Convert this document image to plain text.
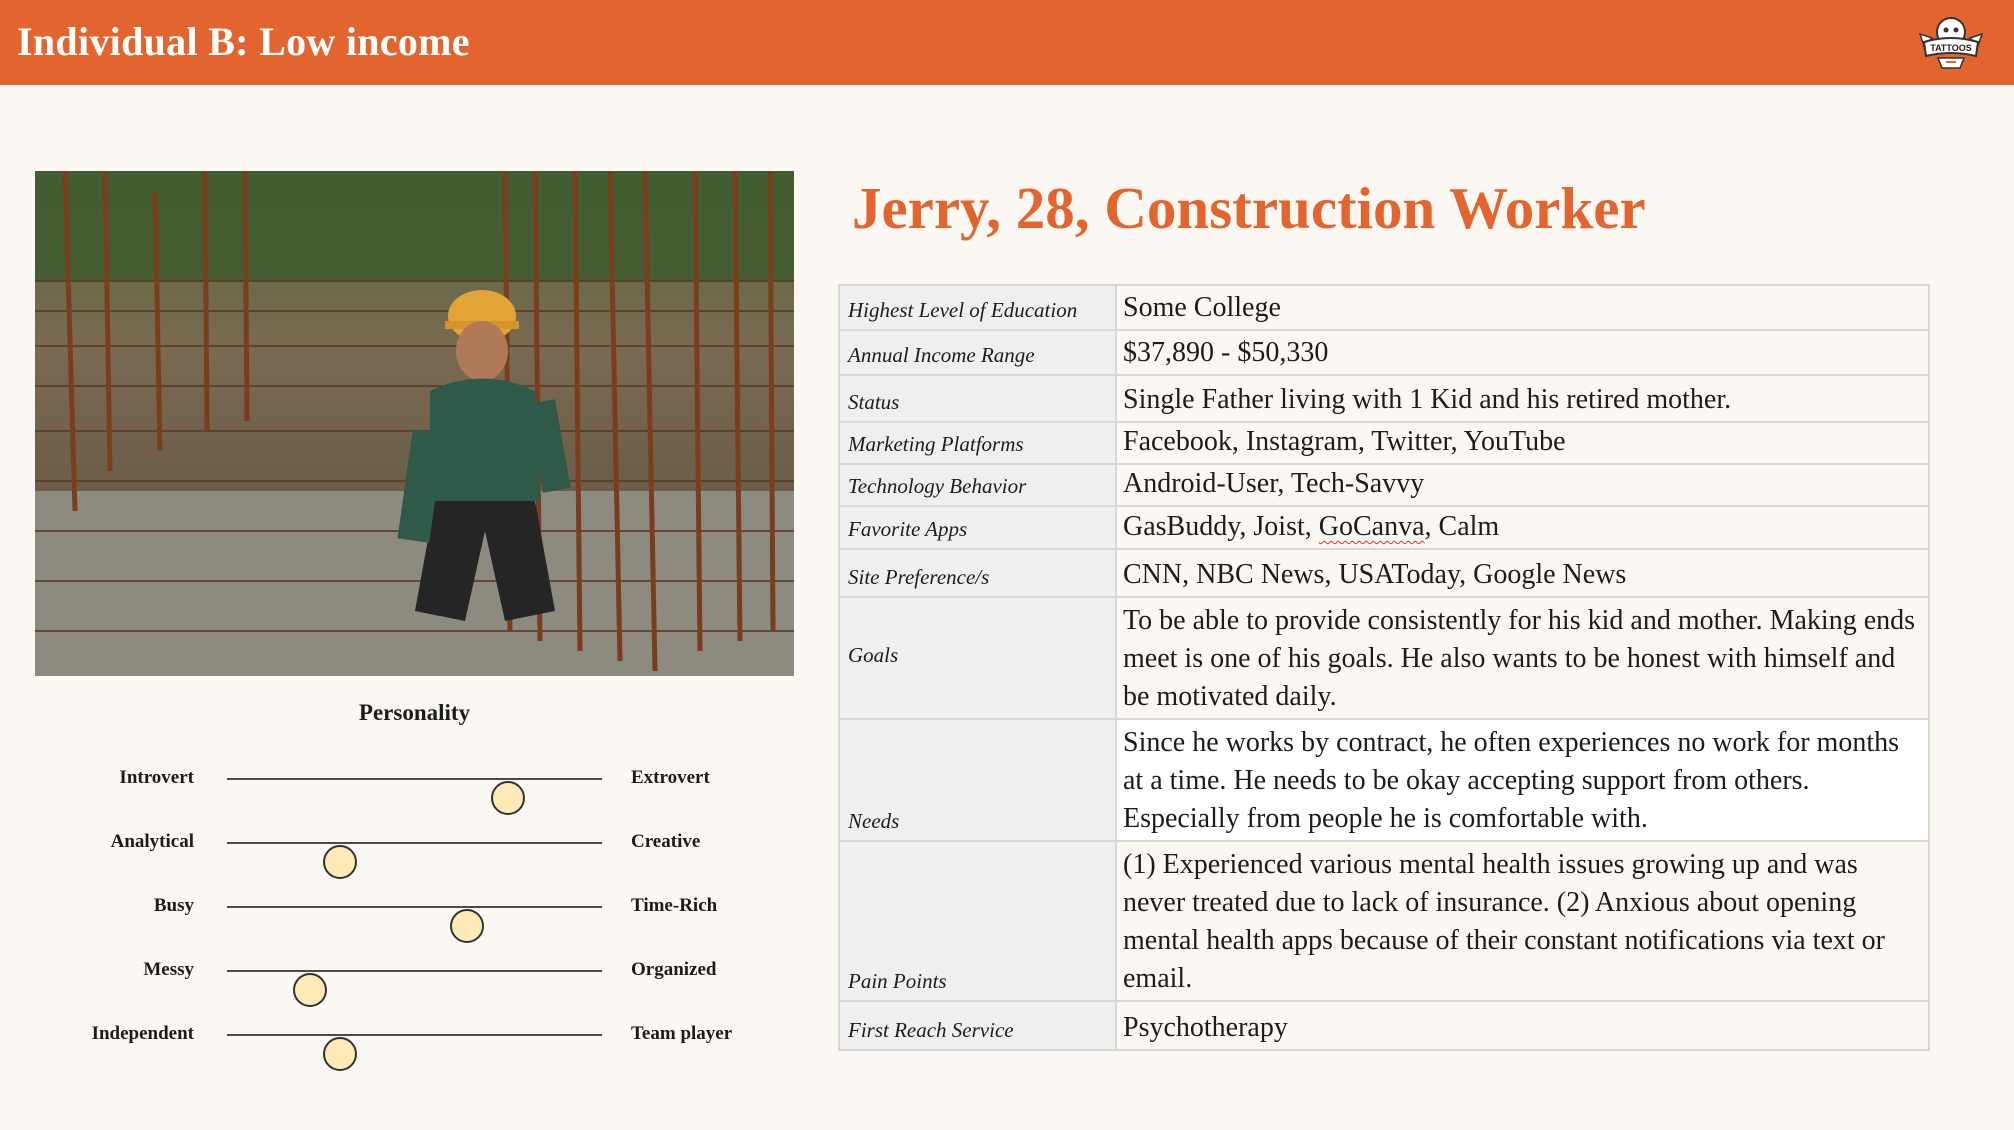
Individual B: Low income	TATTOOS
Personality
Introvert	Extrovert
Analytical	Creative
Busy	Time-Rich
Messy	Organized
Independent	Team player
Jerry, 28, Construction Worker
Highest Level of Education	Some College
Annual Income Range	$37,890 - $50,330
Status	Single Father living with 1 Kid and his retired mother.
Marketing Platforms	Facebook, Instagram, Twitter, YouTube
Technology Behavior	Android-User, Tech-Savvy
Favorite Apps	GasBuddy, Joist, GoCanva, Calm
Site Preference/s	CNN, NBC News, USAToday, Google News
Goals	To be able to provide consistently for his kid and mother. Making ends meet is one of his goals. He also wants to be honest with himself and be motivated daily.
Needs	Since he works by contract, he often experiences no work for months at a time. He needs to be okay accepting support from others. Especially from people he is comfortable with.
Pain Points	(1) Experienced various mental health issues growing up and was never treated due to lack of insurance. (2) Anxious about opening mental health apps because of their constant notifications via text or email.
First Reach Service	Psychotherapy
